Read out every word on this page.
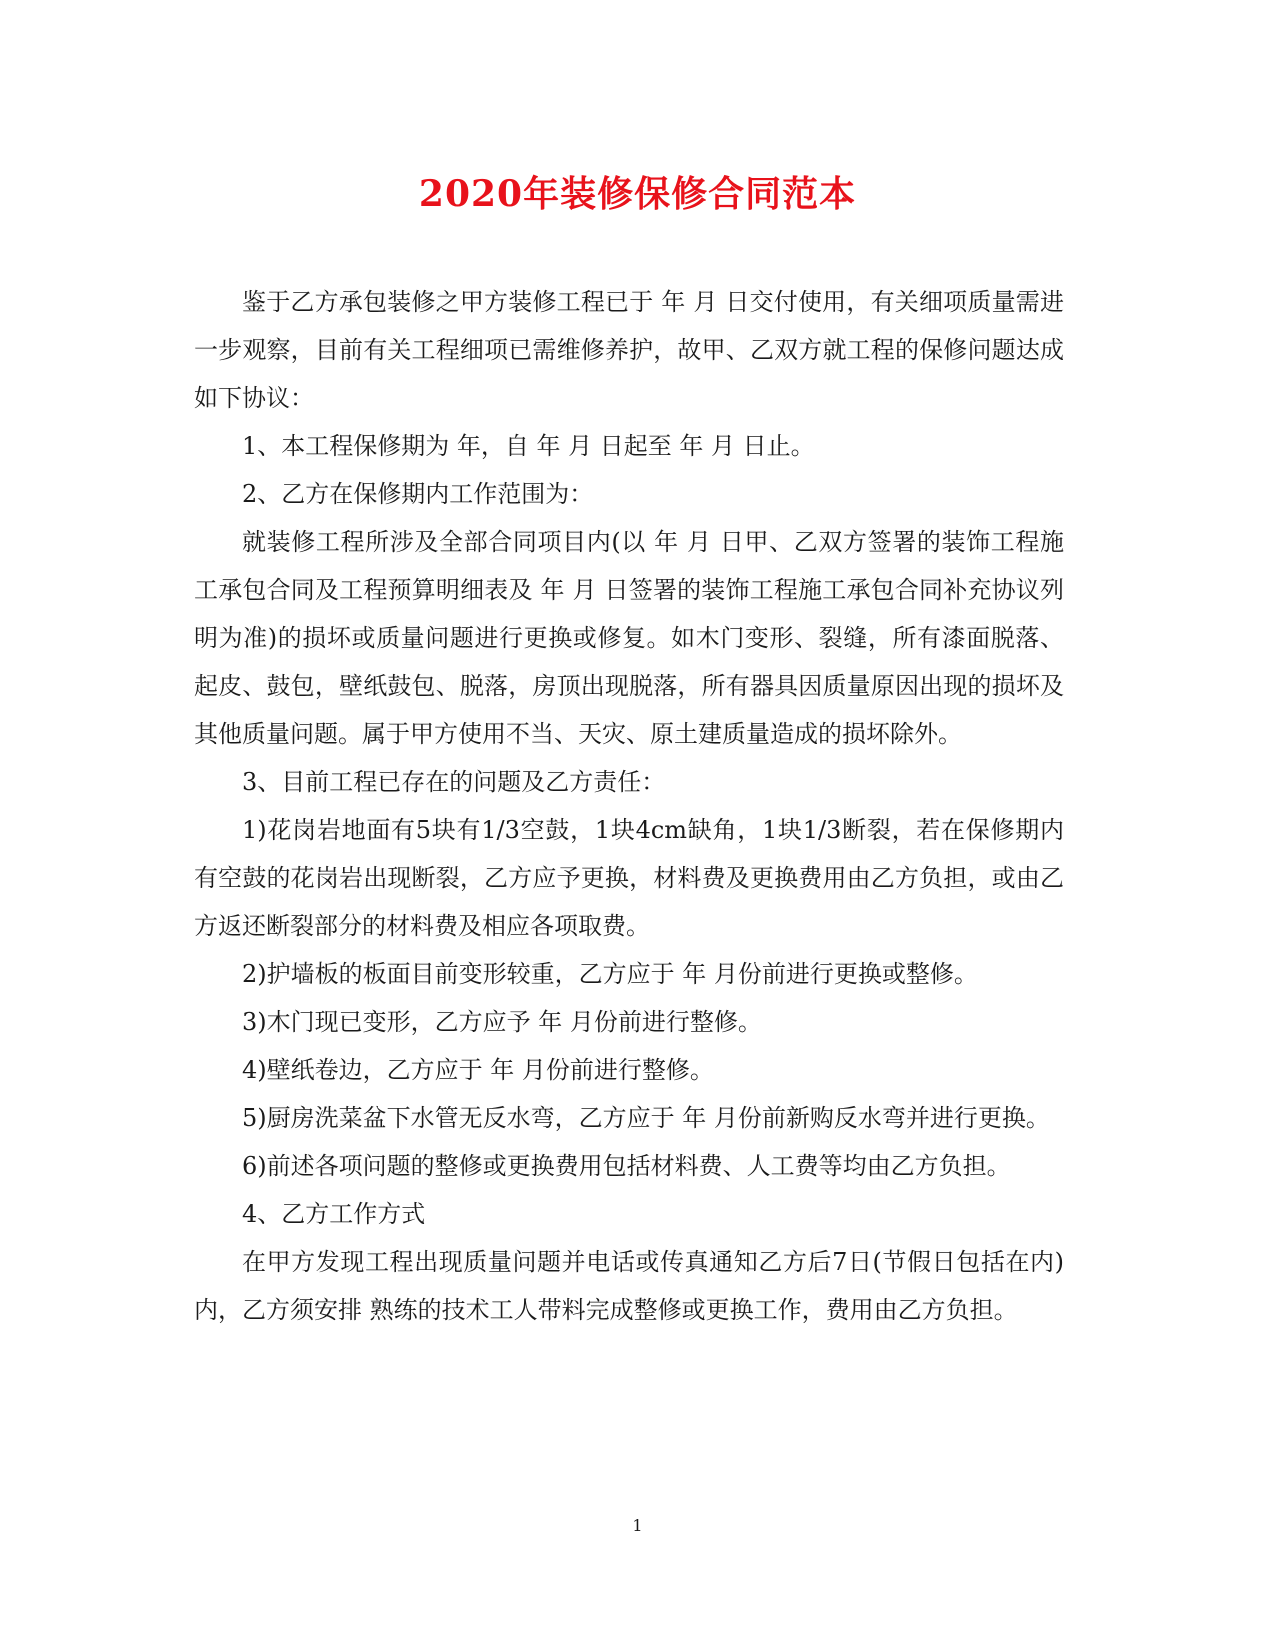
2020年装修保修合同范本

鉴于乙方承包装修之甲方装修工程已于 年 月 日交付使用，有关细项质量需进一步观察，目前有关工程细项已需维修养护，故甲、乙双方就工程的保修问题达成如下协议：

1、本工程保修期为 年，自 年 月 日起至 年 月 日止。

2、乙方在保修期内工作范围为：

就装修工程所涉及全部合同项目内(以 年 月 日甲、乙双方签署的装饰工程施工承包合同及工程预算明细表及 年 月 日签署的装饰工程施工承包合同补充协议列明为准)的损坏或质量问题进行更换或修复。如木门变形、裂缝，所有漆面脱落、起皮、鼓包，壁纸鼓包、脱落，房顶出现脱落，所有器具因质量原因出现的损坏及其他质量问题。属于甲方使用不当、天灾、原土建质量造成的损坏除外。

3、目前工程已存在的问题及乙方责任：

1)花岗岩地面有5块有1/3空鼓，1块4cm缺角，1块1/3断裂，若在保修期内有空鼓的花岗岩出现断裂，乙方应予更换，材料费及更换费用由乙方负担，或由乙方返还断裂部分的材料费及相应各项取费。

2)护墙板的板面目前变形较重，乙方应于 年 月份前进行更换或整修。

3)木门现已变形，乙方应予 年 月份前进行整修。

4)壁纸卷边，乙方应于 年 月份前进行整修。

5)厨房洗菜盆下水管无反水弯，乙方应于 年 月份前新购反水弯并进行更换。

6)前述各项问题的整修或更换费用包括材料费、人工费等均由乙方负担。

4、乙方工作方式

在甲方发现工程出现质量问题并电话或传真通知乙方后7日(节假日包括在内)内，乙方须安排 熟练的技术工人带料完成整修或更换工作，费用由乙方负担。

1
